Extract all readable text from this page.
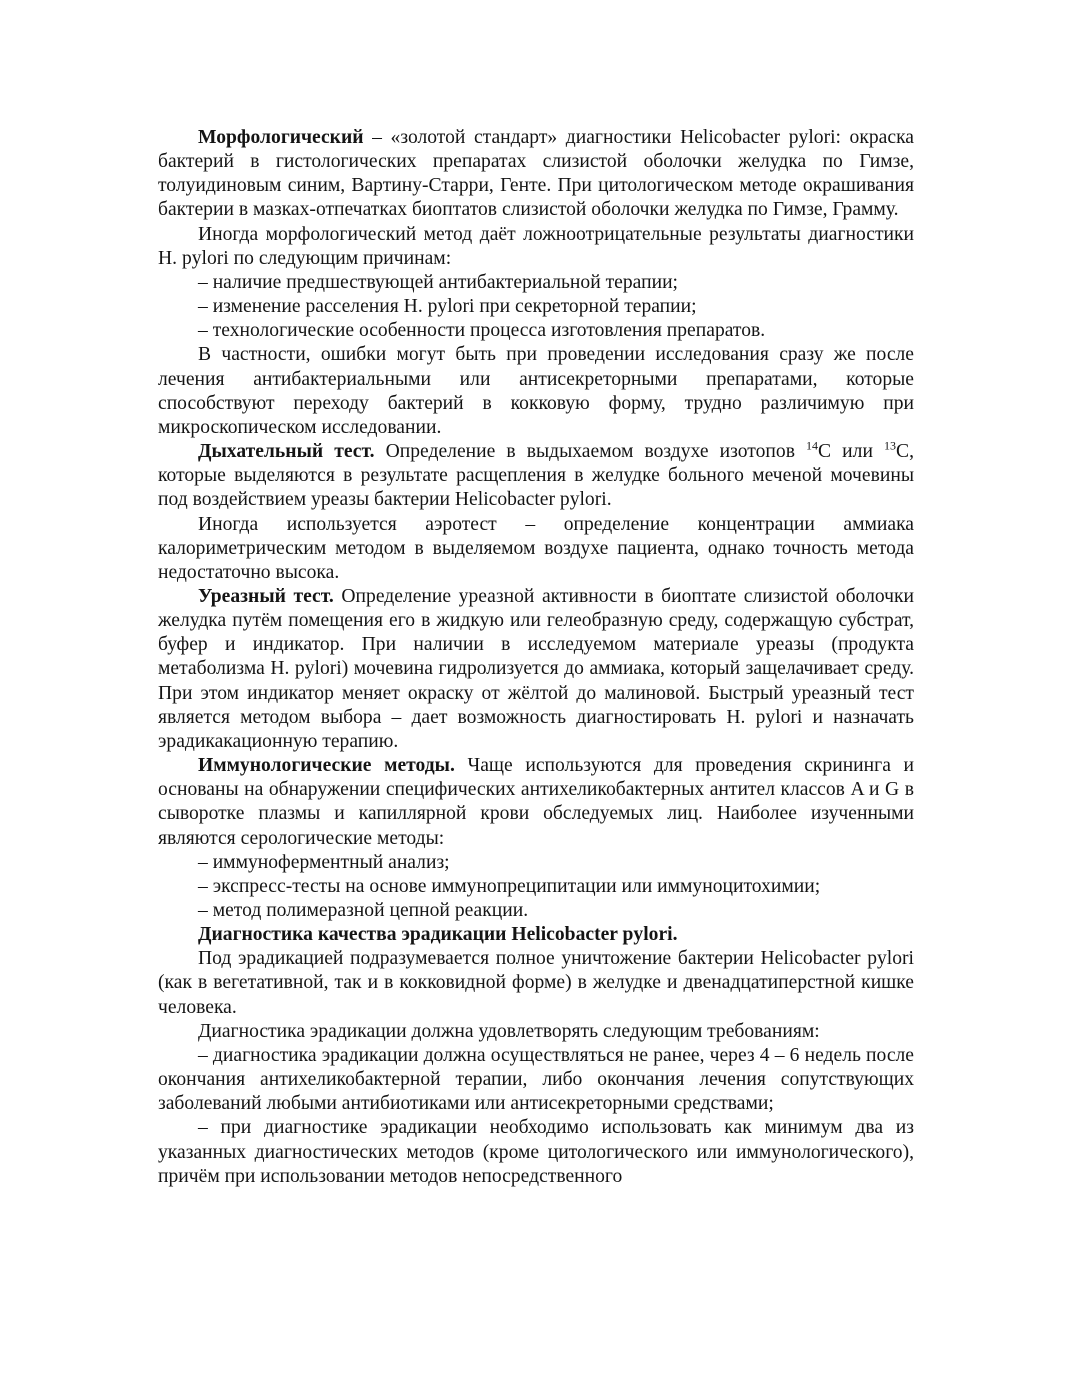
Морфологический – «золотой стандарт» диагностики Helicobacter pylori: окраска бактерий в гистологических препаратах слизистой оболочки желудка по Гимзе, толуидиновым синим, Вартину-Старри, Генте. При цитологическом методе окрашивания бактерии в мазках-отпечатках биоптатов слизистой оболочки желудка по Гимзе, Грамму.

Иногда морфологический метод даёт ложноотрицательные результаты диагностики H. pylori по следующим причинам:

– наличие предшествующей антибактериальной терапии;

– изменение расселения H. pylori при секреторной терапии;

– технологические особенности процесса изготовления препаратов.

В частности, ошибки могут быть при проведении исследования сразу же после лечения антибактериальными или антисекреторными препаратами, которые способствуют переходу бактерий в кокковую форму, трудно различимую при микроскопическом исследовании.

Дыхательный тест. Определение в выдыхаемом воздухе изотопов $^{14}$С или $^{13}$С, которые выделяются в результате расщепления в желудке больного меченой мочевины под воздействием уреазы бактерии Helicobacter pylori.

Иногда используется аэротест – определение концентрации аммиака калориметрическим методом в выделяемом воздухе пациента, однако точность метода недостаточно высока.

Уреазный тест. Определение уреазной активности в биоптате слизистой оболочки желудка путём помещения его в жидкую или гелеобразную среду, содержащую субстрат, буфер и индикатор. При наличии в исследуемом материале уреазы (продукта метаболизма H. pylori) мочевина гидролизуется до аммиака, который защелачивает среду. При этом индикатор меняет окраску от жёлтой до малиновой. Быстрый уреазный тест является методом выбора – дает возможность диагностировать H. pylori и назначать эрадикакационную терапию.

Иммунологические методы. Чаще используются для проведения скрининга и основаны на обнаружении специфических антихеликобактерных антител классов A и G в сыворотке плазмы и капиллярной крови обследуемых лиц. Наиболее изученными являются серологические методы:

– иммуноферментный анализ;

– экспресс-тесты на основе иммунопреципитации или иммуноцитохимии;

– метод полимеразной цепной реакции.

Диагностика качества эрадикации Helicobacter pylori.

Под эрадикацией подразумевается полное уничтожение бактерии Helicobacter pylori (как в вегетативной, так и в кокковидной форме) в желудке и двенадцатиперстной кишке человека.

Диагностика эрадикации должна удовлетворять следующим требованиям:

– диагностика эрадикации должна осуществляться не ранее, через 4 – 6 недель после окончания антихеликобактерной терапии, либо окончания лечения сопутствующих заболеваний любыми антибиотиками или антисекреторными средствами;

– при диагностике эрадикации необходимо использовать как минимум два из указанных диагностических методов (кроме цитологического или иммунологического), причём при использовании методов непосредственного
